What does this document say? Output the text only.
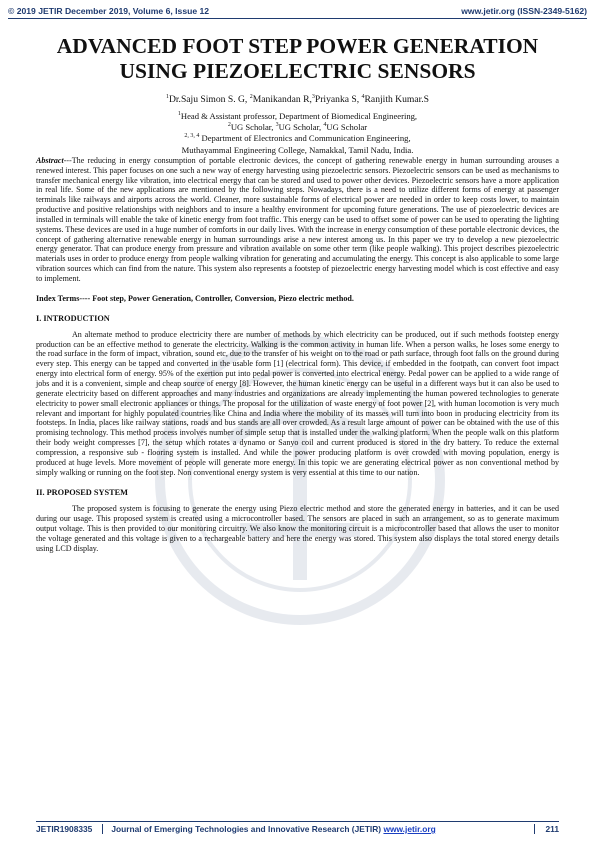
© 2019 JETIR December 2019, Volume 6, Issue 12	www.jetir.org (ISSN-2349-5162)
ADVANCED FOOT STEP POWER GENERATION USING PIEZOELECTRIC SENSORS
$^1$Dr.Saju Simon S. G, $^2$Manikandan R,$^3$Priyanka S, $^4$Ranjith Kumar.S
$^1$Head & Assistant professor, Department of Biomedical Engineering,
$^2$UG Scholar, $^3$UG Scholar, $^4$UG Scholar
$^{2, 3, 4}$ Department of Electronics and Communication Engineering,
Muthayammal Engineering College, Namakkal, Tamil Nadu, India.

Abstract---The reducing in energy consumption of portable electronic devices, the concept of gathering renewable energy in human surrounding arouses a renewed interest. This paper focuses on one such a new way of energy harvesting using piezoelectric sensors. Piezoelectric sensors can be used as mechanisms to transfer mechanical energy like vibration, into electrical energy that can be stored and used to power other devices. Piezoelectric sensors have a more application in real life. Some of the new applications are mentioned by the following steps. Nowadays, there is a need to utilize different forms of energy at passenger terminals like railways and airports across the world. Cleaner, more sustainable forms of electrical power are needed in order to keep costs lower, to maintain productive and positive relationships with neighbors and to insure a healthy environment for upcoming future generations. The use of piezoelectric devices are installed in terminals will enable the take of kinetic energy from foot traffic. This energy can be used to offset some of power can be used to operating the lighting systems. These devices are used in a huge number of comforts in our daily lives. With the increase in energy consumption of these portable electronic devices, the concept of gathering alternative renewable energy in human surroundings arise a new interest among us. In this paper we try to develop a new piezoelectric energy generator. That can produce energy from pressure and vibration available on some other term (like people walking). This project describes piezoelectric materials uses in order to produce energy from people walking vibration for generating and accumulating the energy. This concept is also applicable to some large vibration sources which can find from the nature. This system also represents a footstep of piezoelectric energy harvesting model which is cost effective and easy to implement.

Index Terms---- Foot step, Power Generation, Controller, Conversion, Piezo electric method.
I. INTRODUCTION

An alternate method to produce electricity there are number of methods by which electricity can be produced, out if such methods footstep energy production can be an effective method to generate the electricity. Walking is the common activity in human life. When a person walks, he loses some energy to the road surface in the form of impact, vibration, sound etc, due to the transfer of his weight on to the road or path surface, through foot falls on the ground during every step. This energy can be tapped and converted in the usable form [1] (electrical form). This device, if embedded in the footpath, can convert foot impact energy into electrical form of energy. 95% of the exertion put into pedal power is converted into electrical energy. Pedal power can be applied to a wide range of jobs and it is a convenient, simple and cheap source of energy [8]. However, the human kinetic energy can be useful in a different ways but it can also be used to generate electricity based on different approaches and many industries and organizations are already implementing the human powered technologies to generate electricity to power small electronic appliances or things. The proposal for the utilization of waste energy of foot power [2], with human locomotion is very much relevant and important for highly populated countries like China and India where the mobility of its masses will turn into boon in producing electricity from its footsteps. In India, places like railway stations, roads and bus stands are all over crowded. As a result large amount of power can be obtained with the use of this promising technology. This method process involves number of simple setup that is installed under the walking platform. When the people walk on this platform their body weight compresses [7], the setup which rotates a dynamo or Sanyo coil and current produced is stored in the dry battery. To reduce the external compression, a responsive sub - flooring system is installed. And while the power producing platform is over crowded with moving population, energy is produced at huge levels. More movement of people will generate more energy. In this topic we are generating electrical power as non conventional method by simply walking or running on the foot step. Non conventional energy system is very essential at this time to our nation.

II. PROPOSED SYSTEM

The proposed system is focusing to generate the energy using Piezo electric method and store the generated energy in batteries, and it can be used during our usage. This proposed system is created using a microcontroller based. The sensors are placed in such an arrangement, so as to generate maximum output voltage. This is then provided to our monitoring circuitry. We also know the monitoring circuit is a microcontroller based that allows the user to monitor the voltage generated and this voltage is given to a rechargeable battery and here the energy was stored. This system also displays the total stored energy details using LCD display.

JETIR1908335	Journal of Emerging Technologies and Innovative Research (JETIR) www.jetir.org	211
